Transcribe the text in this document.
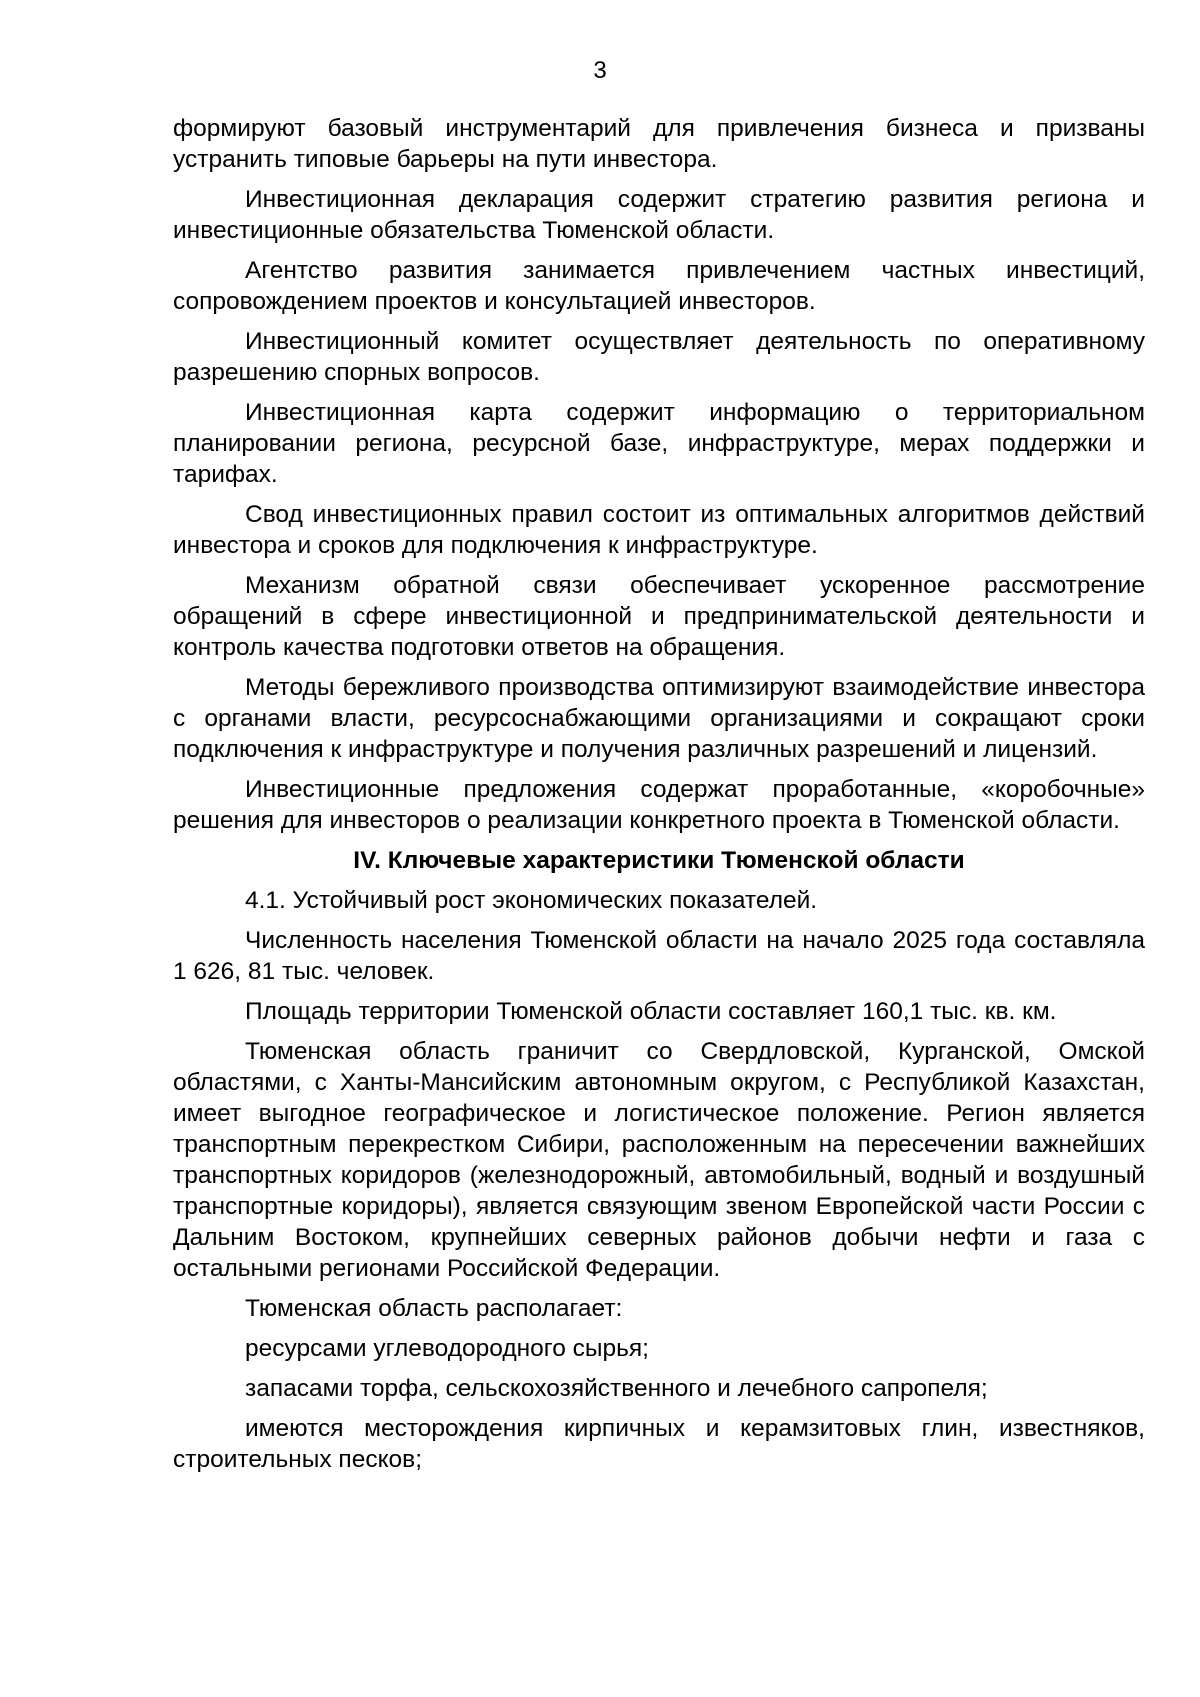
3

формируют базовый инструментарий для привлечения бизнеса и призваны устранить типовые барьеры на пути инвестора.

Инвестиционная декларация содержит стратегию развития региона и инвестиционные обязательства Тюменской области.

Агентство развития занимается привлечением частных инвестиций, сопровождением проектов и консультацией инвесторов.

Инвестиционный комитет осуществляет деятельность по оперативному разрешению спорных вопросов.

Инвестиционная карта содержит информацию о территориальном планировании региона, ресурсной базе, инфраструктуре, мерах поддержки и тарифах.

Свод инвестиционных правил состоит из оптимальных алгоритмов действий инвестора и сроков для подключения к инфраструктуре.

Механизм обратной связи обеспечивает ускоренное рассмотрение обращений в сфере инвестиционной и предпринимательской деятельности и контроль качества подготовки ответов на обращения.

Методы бережливого производства оптимизируют взаимодействие инвестора с органами власти, ресурсоснабжающими организациями и сокращают сроки подключения к инфраструктуре и получения различных разрешений и лицензий.

Инвестиционные предложения содержат проработанные, «коробочные» решения для инвесторов о реализации конкретного проекта в Тюменской области.

IV. Ключевые характеристики Тюменской области

4.1. Устойчивый рост экономических показателей.

Численность населения Тюменской области на начало 2025 года составляла 1 626, 81 тыс. человек.

Площадь территории Тюменской области составляет 160,1 тыс. кв. км.

Тюменская область граничит со Свердловской, Курганской, Омской областями, с Ханты-Мансийским автономным округом, с Республикой Казахстан, имеет выгодное географическое и логистическое положение. Регион является транспортным перекрестком Сибири, расположенным на пересечении важнейших транспортных коридоров (железнодорожный, автомобильный, водный и воздушный транспортные коридоры), является связующим звеном Европейской части России с Дальним Востоком, крупнейших северных районов добычи нефти и газа с остальными регионами Российской Федерации.

Тюменская область располагает:

ресурсами углеводородного сырья;

запасами торфа, сельскохозяйственного и лечебного сапропеля;

имеются месторождения кирпичных и керамзитовых глин, известняков, строительных песков;
